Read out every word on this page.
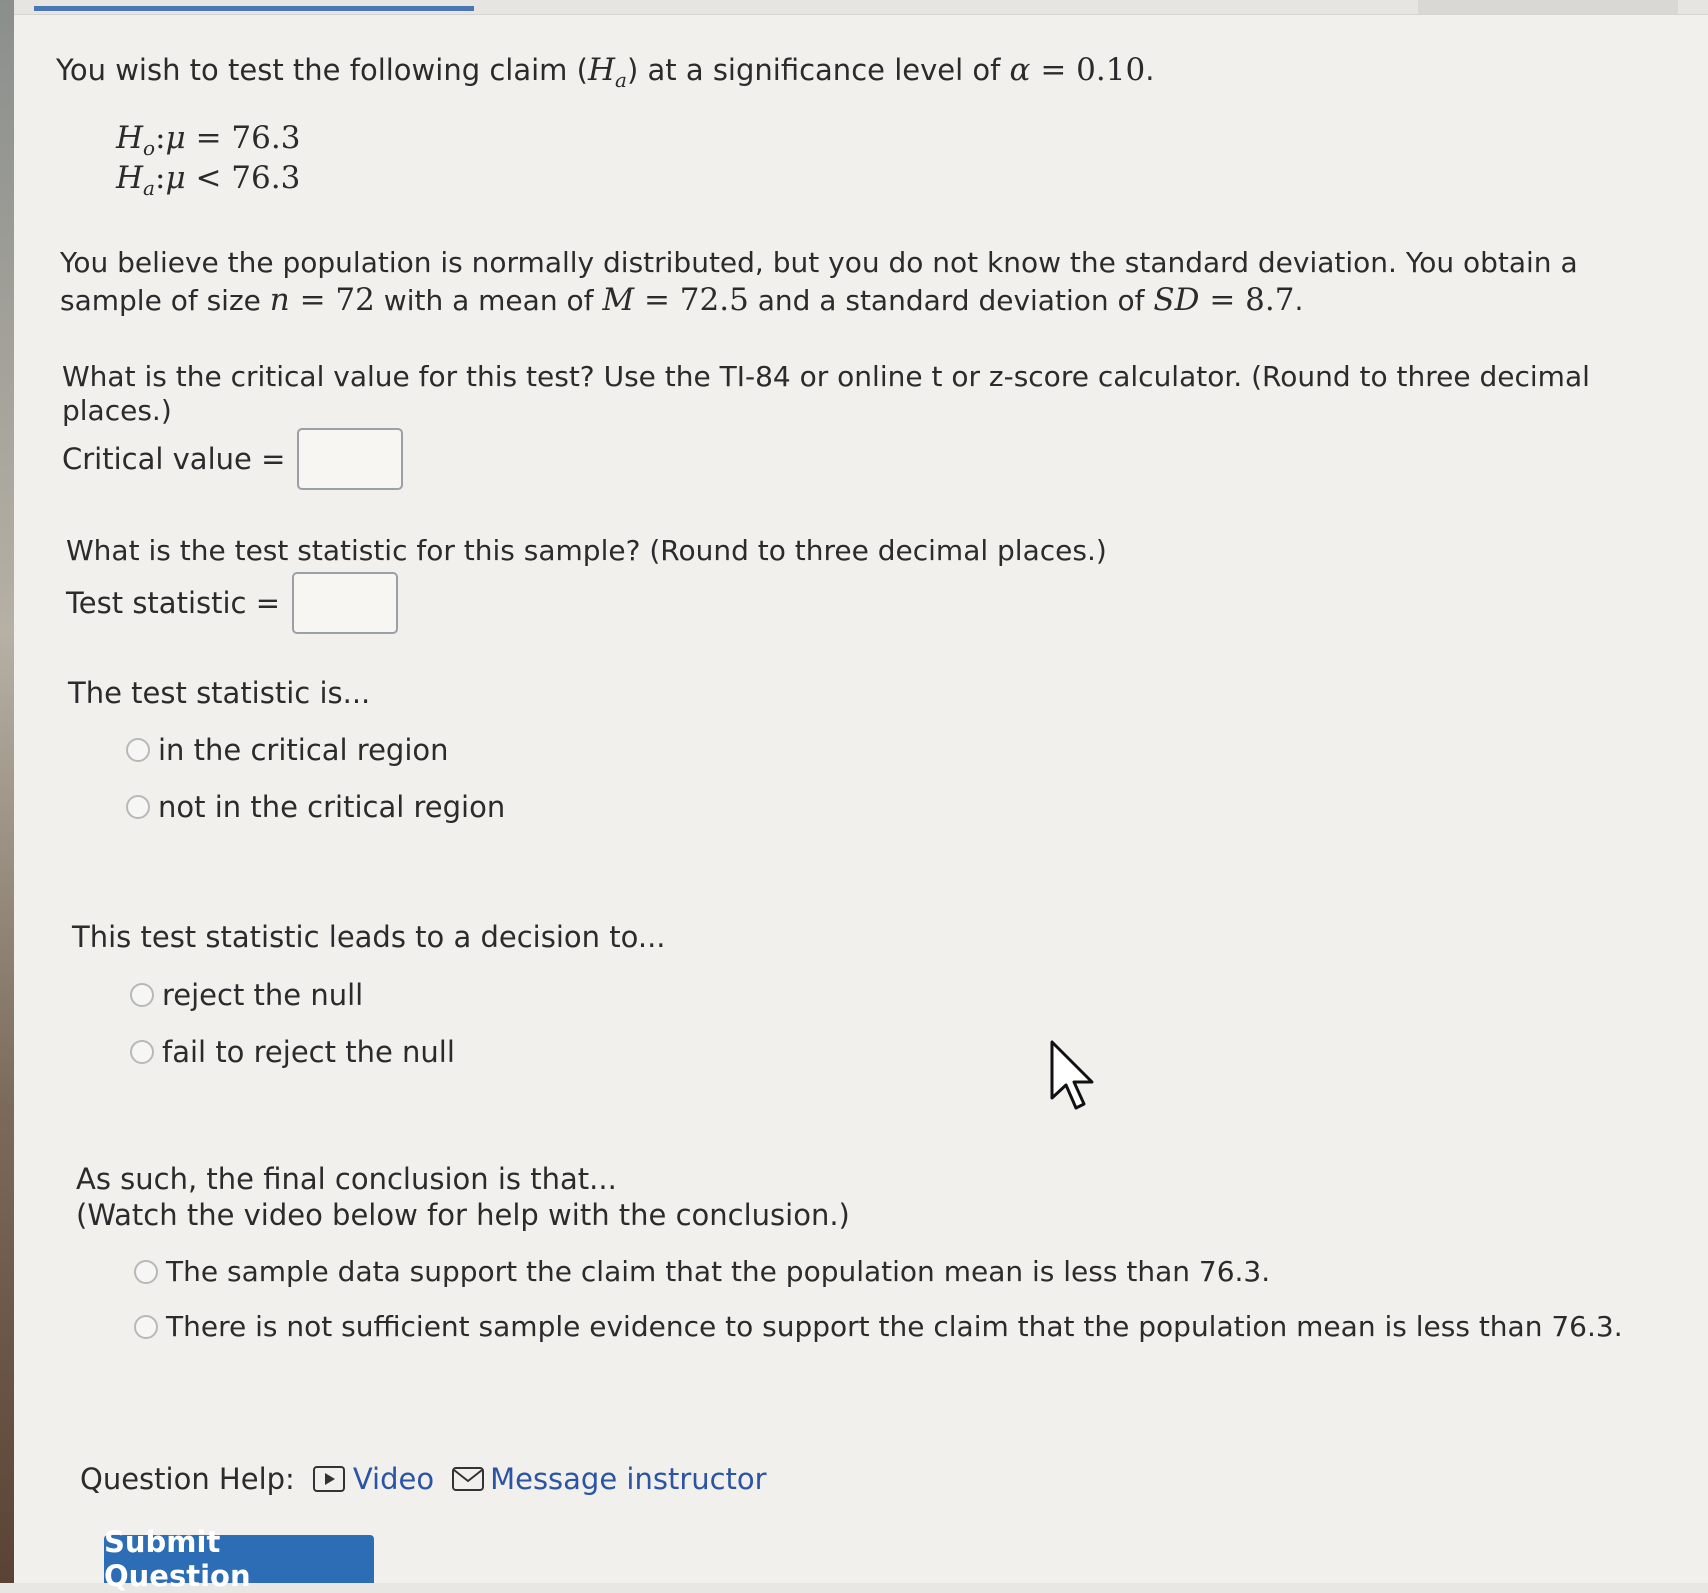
You wish to test the following claim $(H_a)$ at a significance level of α = 0.10.
$H_o:\mu = 76.3$
$H_a:\mu < 76.3$
You believe the population is normally distributed, but you do not know the standard deviation. You obtain a
sample of size n = 72 with a mean of M = 72.5 and a standard deviation of SD = 8.7.
What is the critical value for this test? Use the TI-84 or online t or z-score calculator. (Round to three decimal
places.)
Critical value =
What is the test statistic for this sample? (Round to three decimal places.)
Test statistic =
The test statistic is...
in the critical region
not in the critical region
This test statistic leads to a decision to...
reject the null
fail to reject the null
As such, the final conclusion is that...
(Watch the video below for help with the conclusion.)
The sample data support the claim that the population mean is less than 76.3.
There is not sufficient sample evidence to support the claim that the population mean is less than 76.3.
Question Help: Video Message instructor
Submit Question
